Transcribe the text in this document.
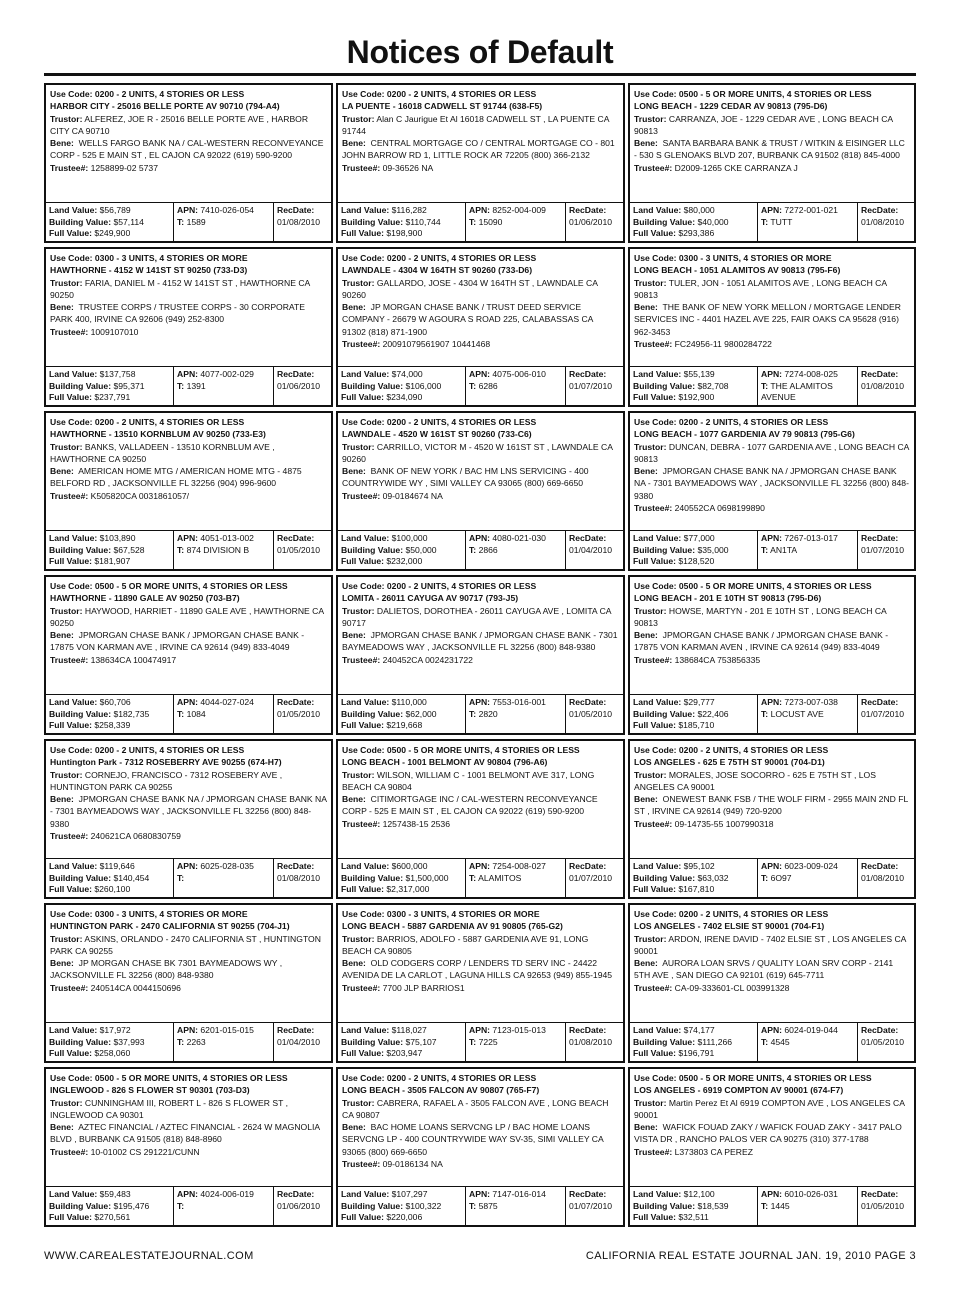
Notices of Default
Use Code: 0200 - 2 UNITS, 4 STORIES OR LESS
HARBOR CITY - 25016 BELLE PORTE AV 90710 (794-A4)
Trustor: ALFEREZ, JOE R - 25016 BELLE PORTE AVE , HARBOR CITY CA 90710
Bene: WELLS FARGO BANK NA / CAL-WESTERN RECONVEYANCE CORP - 525 E MAIN ST , EL CAJON CA 92022 (619) 590-9200
Trustee#: 1258899-02 5737
Land Value: $56,789
Building Value: $57,114
Full Value: $249,900
APN: 7410-026-054
T: 1589
RecDate:
01/08/2010
Use Code: 0200 - 2 UNITS, 4 STORIES OR LESS
LA PUENTE - 16018 CADWELL ST 91744 (638-F5)
Trustor: Alan C Jaurigue Et Al 16018 CADWELL ST , LA PUENTE CA 91744
Bene: CENTRAL MORTGAGE CO / CENTRAL MORTGAGE CO - 801 JOHN BARROW RD 1, LITTLE ROCK AR 72205 (800) 366-2132
Trustee#: 09-36526 NA
Land Value: $116,282
Building Value: $110,744
Full Value: $198,900
APN: 8252-004-009
T: 15090
RecDate:
01/06/2010
Use Code: 0500 - 5 OR MORE UNITS, 4 STORIES OR LESS
LONG BEACH - 1229 CEDAR AV 90813 (795-D6)
Trustor: CARRANZA, JOE - 1229 CEDAR AVE , LONG BEACH CA 90813
Bene: SANTA BARBARA BANK & TRUST / WITKIN & EISINGER LLC - 530 S GLENOAKS BLVD 207, BURBANK CA 91502 (818) 845-4000
Trustee#: D2009-1265 CKE CARRANZA J
Land Value: $80,000
Building Value: $40,000
Full Value: $293,386
APN: 7272-001-021
T: TUTT
RecDate:
01/08/2010
Use Code: 0300 - 3 UNITS, 4 STORIES OR MORE
HAWTHORNE - 4152 W 141ST ST 90250 (733-D3)
Trustor: FARIA, DANIEL M - 4152 W 141ST ST , HAWTHORNE CA 90250
Bene: TRUSTEE CORPS / TRUSTEE CORPS - 30 CORPORATE PARK 400, IRVINE CA 92606 (949) 252-8300
Trustee#: 1009107010
Land Value: $137,758
Building Value: $95,371
Full Value: $237,791
APN: 4077-002-029
T: 1391
RecDate:
01/06/2010
Use Code: 0200 - 2 UNITS, 4 STORIES OR LESS
LAWNDALE - 4304 W 164TH ST 90260 (733-D6)
Trustor: GALLARDO, JOSE - 4304 W 164TH ST , LAWNDALE CA 90260
Bene: JP MORGAN CHASE BANK / TRUST DEED SERVICE COMPANY - 26679 W AGOURA S ROAD 225, CALABASSAS CA 91302 (818) 871-1900
Trustee#: 20091079561907 10441468
Land Value: $74,000
Building Value: $106,000
Full Value: $234,090
APN: 4075-006-010
T: 6286
RecDate:
01/07/2010
Use Code: 0300 - 3 UNITS, 4 STORIES OR MORE
LONG BEACH - 1051 ALAMITOS AV 90813 (795-F6)
Trustor: TULER, JON - 1051 ALAMITOS AVE , LONG BEACH CA 90813
Bene: THE BANK OF NEW YORK MELLON / MORTGAGE LENDER SERVICES INC - 4401 HAZEL AVE 225, FAIR OAKS CA 95628 (916) 962-3453
Trustee#: FC24956-11 9800284722
Land Value: $55,139
Building Value: $82,708
Full Value: $192,900
APN: 7274-008-025
T: THE ALAMITOS AVENUE
RecDate:
01/08/2010
Use Code: 0200 - 2 UNITS, 4 STORIES OR LESS
HAWTHORNE - 13510 KORNBLUM AV 90250 (733-E3)
Trustor: BANKS, VALLADEEN - 13510 KORNBLUM AVE , HAWTHORNE CA 90250
Bene: AMERICAN HOME MTG / AMERICAN HOME MTG - 4875 BELFORD RD , JACKSONVILLE FL 32256 (904) 996-9600
Trustee#: K505820CA 0031861057/
Land Value: $103,890
Building Value: $67,528
Full Value: $181,907
APN: 4051-013-002
T: 874 DIVISION B
RecDate:
01/05/2010
Use Code: 0200 - 2 UNITS, 4 STORIES OR LESS
LAWNDALE - 4520 W 161ST ST 90260 (733-C6)
Trustor: CARRILLO, VICTOR M - 4520 W 161ST ST , LAWNDALE CA 90260
Bene: BANK OF NEW YORK / BAC HM LNS SERVICING - 400 COUNTRYWIDE WY , SIMI VALLEY CA 93065 (800) 669-6650
Trustee#: 09-0184674 NA
Land Value: $100,000
Building Value: $50,000
Full Value: $232,000
APN: 4080-021-030
T: 2866
RecDate:
01/04/2010
Use Code: 0200 - 2 UNITS, 4 STORIES OR LESS
LONG BEACH - 1077 GARDENIA AV 79 90813 (795-G6)
Trustor: DUNCAN, DEBRA - 1077 GARDENIA AVE , LONG BEACH CA 90813
Bene: JPMORGAN CHASE BANK NA / JPMORGAN CHASE BANK NA - 7301 BAYMEADOWS WAY , JACKSONVILLE FL 32256 (800) 848-9380
Trustee#: 240552CA 0698199890
Land Value: $77,000
Building Value: $35,000
Full Value: $128,520
APN: 7267-013-017
T: AN1TA
RecDate:
01/07/2010
Use Code: 0500 - 5 OR MORE UNITS, 4 STORIES OR LESS
HAWTHORNE - 11890 GALE AV 90250 (703-B7)
Trustor: HAYWOOD, HARRIET - 11890 GALE AVE , HAWTHORNE CA 90250
Bene: JPMORGAN CHASE BANK / JPMORGAN CHASE BANK - 17875 VON KARMAN AVE , IRVINE CA 92614 (949) 833-4049
Trustee#: 138634CA 100474917
Land Value: $60,706
Building Value: $182,735
Full Value: $258,339
APN: 4044-027-024
T: 1084
RecDate:
01/05/2010
Use Code: 0200 - 2 UNITS, 4 STORIES OR LESS
LOMITA - 26011 CAYUGA AV 90717 (793-J5)
Trustor: DALIETOS, DOROTHEA - 26011 CAYUGA AVE , LOMITA CA 90717
Bene: JPMORGAN CHASE BANK / JPMORGAN CHASE BANK - 7301 BAYMEADOWS WAY , JACKSONVILLE FL 32256 (800) 848-9380
Trustee#: 240452CA 0024231722
Land Value: $110,000
Building Value: $62,000
Full Value: $219,668
APN: 7553-016-001
T: 2820
RecDate:
01/05/2010
Use Code: 0500 - 5 OR MORE UNITS, 4 STORIES OR LESS
LONG BEACH - 201 E 10TH ST 90813 (795-D6)
Trustor: HOWSE, MARTYN - 201 E 10TH ST , LONG BEACH CA 90813
Bene: JPMORGAN CHASE BANK / JPMORGAN CHASE BANK - 17875 VON KARMAN AVEN , IRVINE CA 92614 (949) 833-4049
Trustee#: 138684CA 753856335
Land Value: $29,777
Building Value: $22,406
Full Value: $185,710
APN: 7273-007-038
T: LOCUST AVE
RecDate:
01/07/2010
Use Code: 0200 - 2 UNITS, 4 STORIES OR LESS
Huntington Park - 7312 ROSEBERRY AVE 90255 (674-H7)
Trustor: CORNEJO, FRANCISCO - 7312 ROSEBERY AVE , HUNTINGTON PARK CA 90255
Bene: JPMORGAN CHASE BANK NA / JPMORGAN CHASE BANK NA - 7301 BAYMEADOWS WAY , JACKSONVILLE FL 32256 (800) 848-9380
Trustee#: 240621CA 0680830759
Land Value: $119,646
Building Value: $140,454
Full Value: $260,100
APN: 6025-028-035
T:
RecDate:
01/08/2010
Use Code: 0500 - 5 OR MORE UNITS, 4 STORIES OR LESS
LONG BEACH - 1001 BELMONT AV 90804 (796-A6)
Trustor: WILSON, WILLIAM C - 1001 BELMONT AVE 317, LONG BEACH CA 90804
Bene: CITIMORTGAGE INC / CAL-WESTERN RECONVEYANCE CORP - 525 E MAIN ST , EL CAJON CA 92022 (619) 590-9200
Trustee#: 1257438-15 2536
Land Value: $600,000
Building Value: $1,500,000
Full Value: $2,317,000
APN: 7254-008-027
T: ALAMITOS
RecDate:
01/07/2010
Use Code: 0200 - 2 UNITS, 4 STORIES OR LESS
LOS ANGELES - 625 E 75TH ST 90001 (704-D1)
Trustor: MORALES, JOSE SOCORRO - 625 E 75TH ST , LOS ANGELES CA 90001
Bene: ONEWEST BANK FSB / THE WOLF FIRM - 2955 MAIN 2ND FL ST , IRVINE CA 92614 (949) 720-9200
Trustee#: 09-14735-55 1007990318
Land Value: $95,102
Building Value: $63,032
Full Value: $167,810
APN: 6023-009-024
T: 6O97
RecDate:
01/08/2010
Use Code: 0300 - 3 UNITS, 4 STORIES OR MORE
HUNTINGTON PARK - 2470 CALIFORNIA ST 90255 (704-J1)
Trustor: ASKINS, ORLANDO - 2470 CALIFORNIA ST , HUNTINGTON PARK CA 90255
Bene: JP MORGAN CHASE BK 7301 BAYMEADOWS WY , JACKSONVILLE FL 32256 (800) 848-9380
Trustee#: 240514CA 0044150696
Land Value: $17,972
Building Value: $37,993
Full Value: $258,060
APN: 6201-015-015
T: 2263
RecDate:
01/04/2010
Use Code: 0300 - 3 UNITS, 4 STORIES OR MORE
LONG BEACH - 5887 GARDENIA AV 91 90805 (765-G2)
Trustor: BARRIOS, ADOLFO - 5887 GARDENIA AVE 91, LONG BEACH CA 90805
Bene: OLD CODGERS CORP / LENDERS TD SERV INC - 24422 AVENIDA DE LA CARLOT , LAGUNA HILLS CA 92653 (949) 855-1945
Trustee#: 7700 JLP BARRIOS1
Land Value: $118,027
Building Value: $75,107
Full Value: $203,947
APN: 7123-015-013
T: 7225
RecDate:
01/08/2010
Use Code: 0200 - 2 UNITS, 4 STORIES OR LESS
LOS ANGELES - 7402 ELSIE ST 90001 (704-F1)
Trustor: ARDON, IRENE DAVID - 7402 ELSIE ST , LOS ANGELES CA 90001
Bene: AURORA LOAN SRVS / QUALITY LOAN SRV CORP - 2141 5TH AVE , SAN DIEGO CA 92101 (619) 645-7711
Trustee#: CA-09-333601-CL 003991328
Land Value: $74,177
Building Value: $111,266
Full Value: $196,791
APN: 6024-019-044
T: 4545
RecDate:
01/05/2010
Use Code: 0500 - 5 OR MORE UNITS, 4 STORIES OR LESS
INGLEWOOD - 826 S FLOWER ST 90301 (703-D3)
Trustor: CUNNINGHAM III, ROBERT L - 826 S FLOWER ST , INGLEWOOD CA 90301
Bene: AZTEC FINANCIAL / AZTEC FINANCIAL - 2624 W MAGNOLIA BLVD , BURBANK CA 91505 (818) 848-8960
Trustee#: 10-01002 CS 291221/CUNN
Land Value: $59,483
Building Value: $195,476
Full Value: $270,561
APN: 4024-006-019
T:
RecDate:
01/06/2010
Use Code: 0200 - 2 UNITS, 4 STORIES OR LESS
LONG BEACH - 3505 FALCON AV 90807 (765-F7)
Trustor: CABRERA, RAFAEL A - 3505 FALCON AVE , LONG BEACH CA 90807
Bene: BAC HOME LOANS SERVCNG LP / BAC HOME LOANS SERVCNG LP - 400 COUNTRYWIDE WAY SV-35, SIMI VALLEY CA 93065 (800) 669-6650
Trustee#: 09-0186134 NA
Land Value: $107,297
Building Value: $100,322
Full Value: $220,006
APN: 7147-016-014
T: 5875
RecDate:
01/07/2010
Use Code: 0500 - 5 OR MORE UNITS, 4 STORIES OR LESS
LOS ANGELES - 6919 COMPTON AV 90001 (674-F7)
Trustor: Martin Perez Et Al 6919 COMPTON AVE , LOS ANGELES CA 90001
Bene: WAFICK FOUAD ZAKY / WAFICK FOUAD ZAKY - 3417 PALO VISTA DR , RANCHO PALOS VER CA 90275 (310) 377-1788
Trustee#: L373803 CA PEREZ
Land Value: $12,100
Building Value: $18,539
Full Value: $32,511
APN: 6010-026-031
T: 1445
RecDate:
01/05/2010
WWW.CAREALESTATEJOURNAL.COM	CALIFORNIA REAL ESTATE JOURNAL JAN. 19, 2010 PAGE 3
